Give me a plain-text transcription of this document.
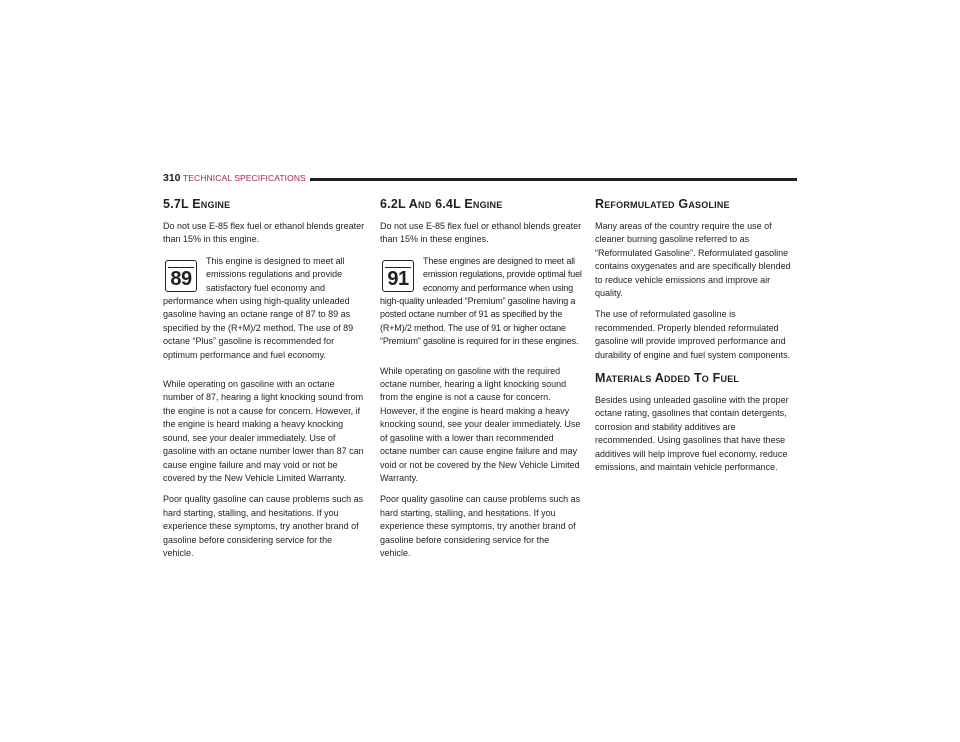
310 TECHNICAL SPECIFICATIONS
5.7L Engine

Do not use E-85 flex fuel or ethanol blends greater than 15% in this engine.

89

This engine is designed to meet all emissions regulations and provide satisfactory fuel economy and performance when using high-quality unleaded gasoline having an octane range of 87 to 89 as specified by the (R+M)/2 method. The use of 89 octane “Plus” gasoline is recommended for optimum performance and fuel economy.

While operating on gasoline with an octane number of 87, hearing a light knocking sound from the engine is not a cause for concern. However, if the engine is heard making a heavy knocking sound, see your dealer immediately. Use of gasoline with an octane number lower than 87 can cause engine failure and may void or not be covered by the New Vehicle Limited Warranty.

Poor quality gasoline can cause problems such as hard starting, stalling, and hesitations. If you experience these symptoms, try another brand of gasoline before considering service for the vehicle.

6.2L And 6.4L Engine

Do not use E-85 flex fuel or ethanol blends greater than 15% in these engines.

91

These engines are designed to meet all emission regulations, provide optimal fuel economy and performance when using high-quality unleaded “Premium” gasoline having a posted octane number of 91 as specified by the (R+M)/2 method. The use of 91 or higher octane “Premium” gasoline is required for in these engines.

While operating on gasoline with the required octane number, hearing a light knocking sound from the engine is not a cause for concern. However, if the engine is heard making a heavy knocking sound, see your dealer immediately. Use of gasoline with a lower than recommended octane number can cause engine failure and may void or not be covered by the New Vehicle Limited Warranty.

Poor quality gasoline can cause problems such as hard starting, stalling, and hesitations. If you experience these symptoms, try another brand of gasoline before considering service for the vehicle.

Reformulated Gasoline

Many areas of the country require the use of cleaner burning gasoline referred to as “Reformulated Gasoline”. Reformulated gasoline contains oxygenates and are specifically blended to reduce vehicle emissions and improve air quality.

The use of reformulated gasoline is recommended. Properly blended reformulated gasoline will provide improved performance and durability of engine and fuel system components.

Materials Added To Fuel

Besides using unleaded gasoline with the proper octane rating, gasolines that contain detergents, corrosion and stability additives are recommended. Using gasolines that have these additives will help improve fuel economy, reduce emissions, and maintain vehicle performance.
